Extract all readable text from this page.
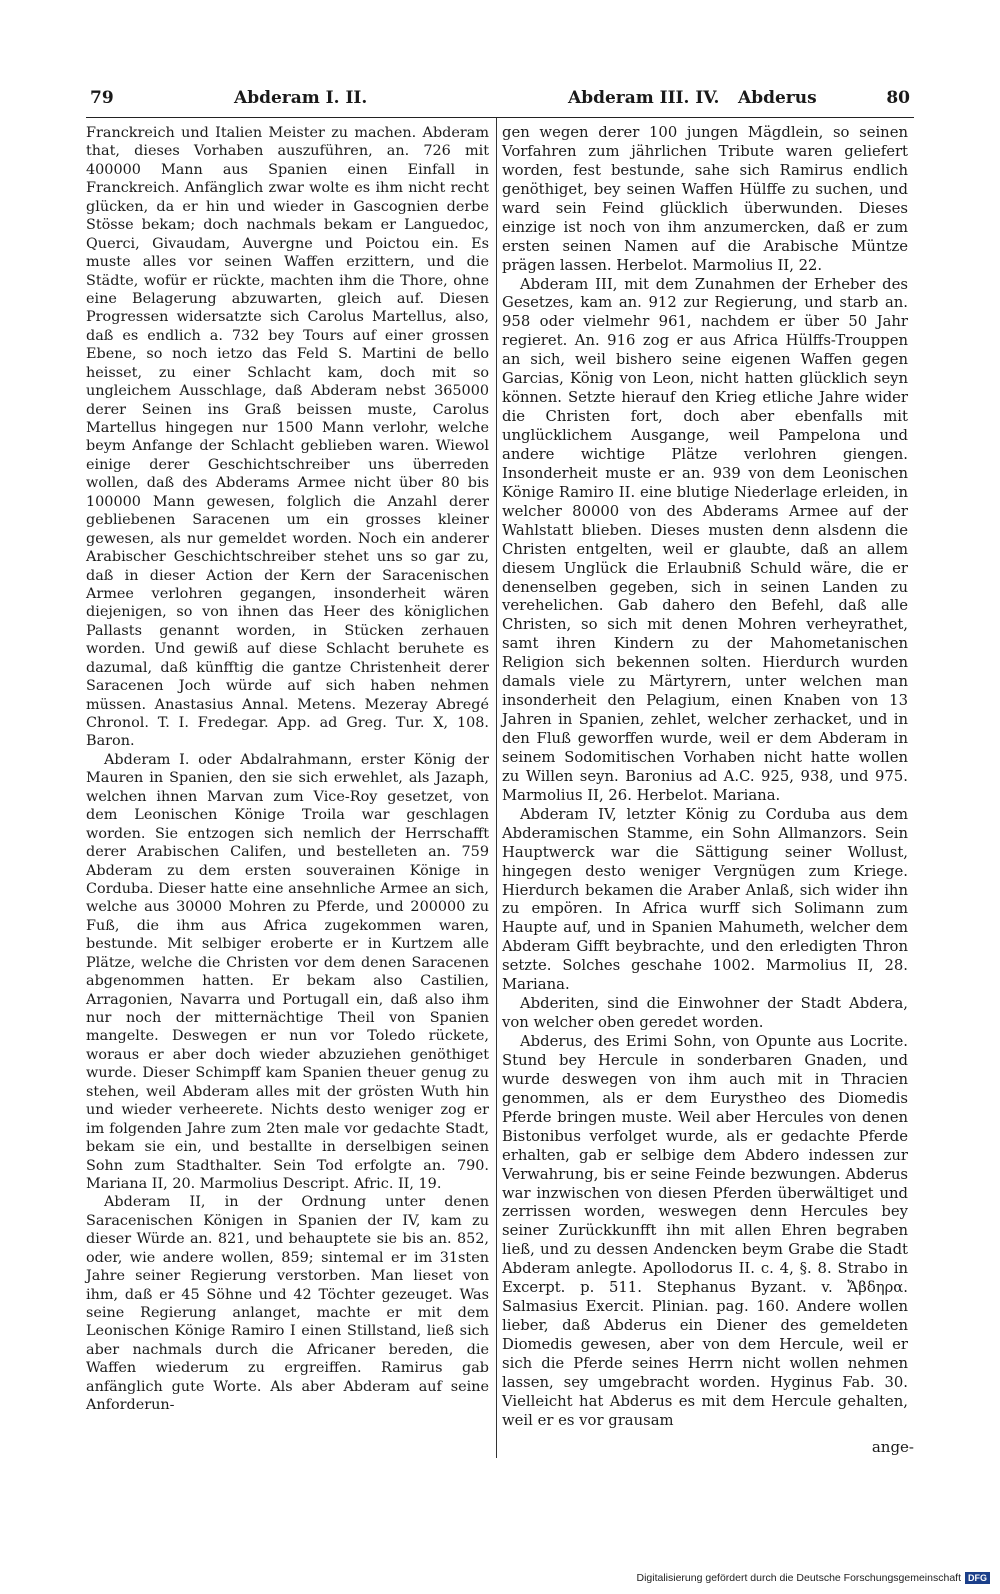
79	Abderam I. II.	Abderam III. IV. Abderus	80

Franckreich und Italien Meister zu machen. Abderam that, dieses Vorhaben auszuführen, an. 726 mit 400000 Mann aus Spanien einen Einfall in Franckreich. Anfänglich zwar wolte es ihm nicht recht glücken, da er hin und wieder in Gascognien derbe Stösse bekam; doch nachmals bekam er Languedoc, Querci, Givaudam, Auvergne und Poictou ein. Es muste alles vor seinen Waffen erzittern, und die Städte, wofür er rückte, machten ihm die Thore, ohne eine Belagerung abzuwarten, gleich auf. Diesen Progressen widersatzte sich Carolus Martellus, also, daß es endlich a. 732 bey Tours auf einer grossen Ebene, so noch ietzo das Feld S. Martini de bello heisset, zu einer Schlacht kam, doch mit so ungleichem Ausschlage, daß Abderam nebst 365000 derer Seinen ins Graß beissen muste, Carolus Martellus hingegen nur 1500 Mann verlohr, welche beym Anfange der Schlacht geblieben waren. Wiewol einige derer Geschichtschreiber uns überreden wollen, daß des Abderams Armee nicht über 80 bis 100000 Mann gewesen, folglich die Anzahl derer gebliebenen Saracenen um ein grosses kleiner gewesen, als nur gemeldet worden. Noch ein anderer Arabischer Geschichtschreiber stehet uns so gar zu, daß in dieser Action der Kern der Saracenischen Armee verlohren gegangen, insonderheit wären diejenigen, so von ihnen das Heer des königlichen Pallasts genannt worden, in Stücken zerhauen worden. Und gewiß auf diese Schlacht beruhete es dazumal, daß künfftig die gantze Christenheit derer Saracenen Joch würde auf sich haben nehmen müssen. Anastasius Annal. Metens. Mezeray Abregé Chronol. T. I. Fredegar. App. ad Greg. Tur. X, 108. Baron.

Abderam I. oder Abdalrahmann, erster König der Mauren in Spanien, den sie sich erwehlet, als Jazaph, welchen ihnen Marvan zum Vice-Roy gesetzet, von dem Leonischen Könige Troila war geschlagen worden. Sie entzogen sich nemlich der Herrschafft derer Arabischen Califen, und bestelleten an. 759 Abderam zu dem ersten souverainen Könige in Corduba. Dieser hatte eine ansehnliche Armee an sich, welche aus 30000 Mohren zu Pferde, und 200000 zu Fuß, die ihm aus Africa zugekommen waren, bestunde. Mit selbiger eroberte er in Kurtzem alle Plätze, welche die Christen vor dem denen Saracenen abgenommen hatten. Er bekam also Castilien, Arragonien, Navarra und Portugall ein, daß also ihm nur noch der mitternächtige Theil von Spanien mangelte. Deswegen er nun vor Toledo rückete, woraus er aber doch wieder abzuziehen genöthiget wurde. Dieser Schimpff kam Spanien theuer genug zu stehen, weil Abderam alles mit der grösten Wuth hin und wieder verheerete. Nichts desto weniger zog er im folgenden Jahre zum 2ten male vor gedachte Stadt, bekam sie ein, und bestallte in derselbigen seinen Sohn zum Stadthalter. Sein Tod erfolgte an. 790. Mariana II, 20. Marmolius Descript. Afric. II, 19.

Abderam II, in der Ordnung unter denen Saracenischen Königen in Spanien der IV, kam zu dieser Würde an. 821, und behauptete sie bis an. 852, oder, wie andere wollen, 859; sintemal er im 31sten Jahre seiner Regierung verstorben. Man lieset von ihm, daß er 45 Söhne und 42 Töchter gezeuget. Was seine Regierung anlanget, machte er mit dem Leonischen Könige Ramiro I einen Stillstand, ließ sich aber nachmals durch die Africaner bereden, die Waffen wiederum zu ergreiffen. Ramirus gab anfänglich gute Worte. Als aber Abderam auf seine Anforderun-

gen wegen derer 100 jungen Mägdlein, so seinen Vorfahren zum jährlichen Tribute waren geliefert worden, fest bestunde, sahe sich Ramirus endlich genöthiget, bey seinen Waffen Hülffe zu suchen, und ward sein Feind glücklich überwunden. Dieses einzige ist noch von ihm anzumercken, daß er zum ersten seinen Namen auf die Arabische Müntze prägen lassen. Herbelot. Marmolius II, 22.

Abderam III, mit dem Zunahmen der Erheber des Gesetzes, kam an. 912 zur Regierung, und starb an. 958 oder vielmehr 961, nachdem er über 50 Jahr regieret. An. 916 zog er aus Africa Hülffs-Trouppen an sich, weil bishero seine eigenen Waffen gegen Garcias, König von Leon, nicht hatten glücklich seyn können. Setzte hierauf den Krieg etliche Jahre wider die Christen fort, doch aber ebenfalls mit unglücklichem Ausgange, weil Pampelona und andere wichtige Plätze verlohren giengen. Insonderheit muste er an. 939 von dem Leonischen Könige Ramiro II. eine blutige Niederlage erleiden, in welcher 80000 von des Abderams Armee auf der Wahlstatt blieben. Dieses musten denn alsdenn die Christen entgelten, weil er glaubte, daß an allem diesem Unglück die Erlaubniß Schuld wäre, die er denenselben gegeben, sich in seinen Landen zu verehelichen. Gab dahero den Befehl, daß alle Christen, so sich mit denen Mohren verheyrathet, samt ihren Kindern zu der Mahometanischen Religion sich bekennen solten. Hierdurch wurden damals viele zu Märtyrern, unter welchen man insonderheit den Pelagium, einen Knaben von 13 Jahren in Spanien, zehlet, welcher zerhacket, und in den Fluß geworffen wurde, weil er dem Abderam in seinem Sodomitischen Vorhaben nicht hatte wollen zu Willen seyn. Baronius ad A.C. 925, 938, und 975. Marmolius II, 26. Herbelot. Mariana.

Abderam IV, letzter König zu Corduba aus dem Abderamischen Stamme, ein Sohn Allmanzors. Sein Hauptwerck war die Sättigung seiner Wollust, hingegen desto weniger Vergnügen zum Kriege. Hierdurch bekamen die Araber Anlaß, sich wider ihn zu empören. In Africa wurff sich Solimann zum Haupte auf, und in Spanien Mahumeth, welcher dem Abderam Gifft beybrachte, und den erledigten Thron setzte. Solches geschahe 1002. Marmolius II, 28. Mariana.

Abderiten, sind die Einwohner der Stadt Abdera, von welcher oben geredet worden.

Abderus, des Erimi Sohn, von Opuntе aus Locrite. Stund bey Hercule in sonderbaren Gnaden, und wurde deswegen von ihm auch mit in Thracien genommen, als er dem Eurystheo des Diomedis Pferde bringen muste. Weil aber Hercules von denen Bistonibus verfolget wurde, als er gedachte Pferde erhalten, gab er selbige dem Abdero indessen zur Verwahrung, bis er seine Feinde bezwungen. Abderus war inzwischen von diesen Pferden überwältiget und zerrissen worden, weswegen denn Hercules bey seiner Zurückkunfft ihn mit allen Ehren begraben ließ, und zu dessen Andencken beym Grabe die Stadt Abderam anlegte. Apollodorus II. c. 4, §. 8. Strabo in Excerpt. p. 511. Stephanus Byzant. v. Ἄβδηρα. Salmasius Exercit. Plinian. pag. 160. Andere wollen lieber, daß Abderus ein Diener des gemeldeten Diomedis gewesen, aber von dem Hercule, weil er sich die Pferde seines Herrn nicht wollen nehmen lassen, sey umgebracht worden. Hyginus Fab. 30. Vielleicht hat Abderus es mit dem Hercule gehalten, weil er es vor grausam

ange-
Digitalisierung gefördert durch die Deutsche Forschungsgemeinschaft DFG
